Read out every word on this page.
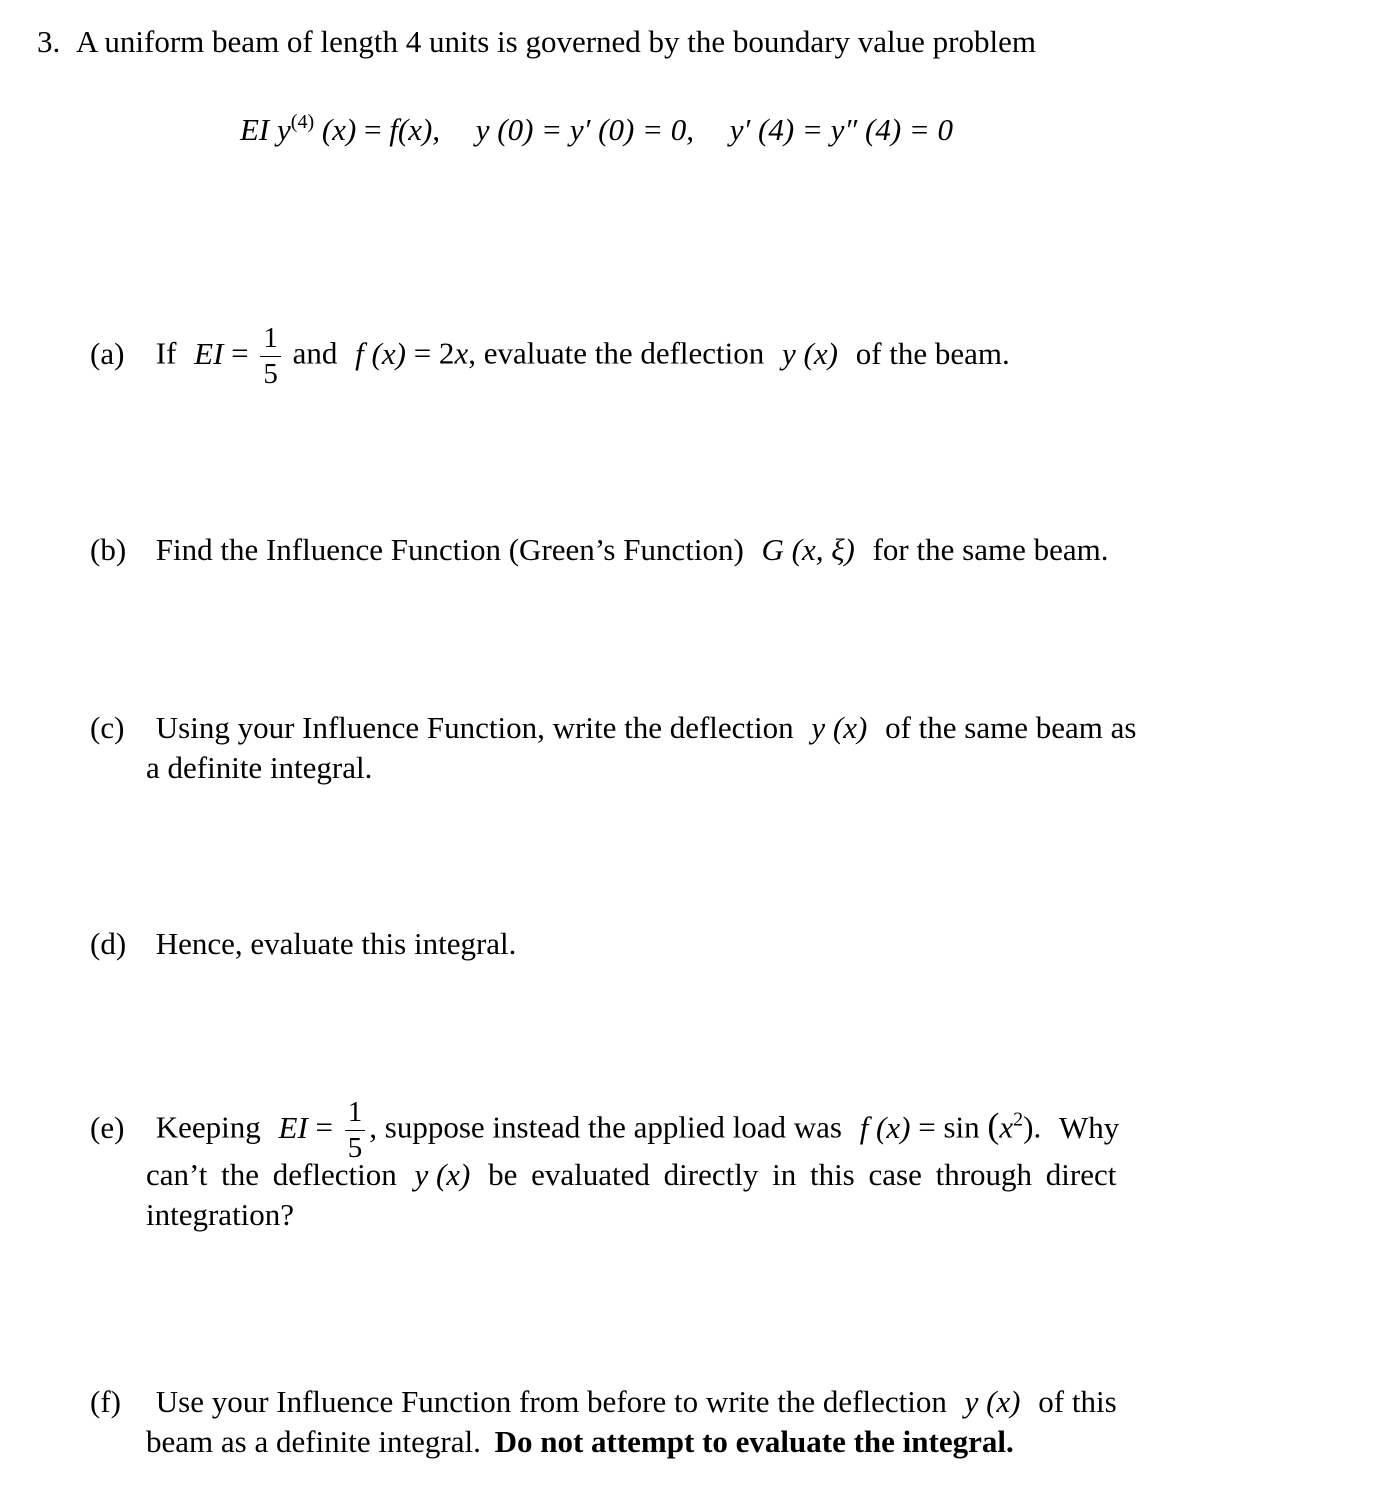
3. A uniform beam of length 4 units is governed by the boundary value problem
EI $y^{(4)}$ (x) = f(x), y (0) = y′ (0) = 0, y′ (4) = y″ (4) = 0
(a) If EI = $\frac{1}{5}$ and f (x) = 2x, evaluate the deflection y (x) of the beam.
(b) Find the Influence Function (Green’s Function) G (x, ξ) for the same beam.
(c) Using your Influence Function, write the deflection y (x) of the same beam as
a definite integral.
(d) Hence, evaluate this integral.
(e) Keeping EI = $\frac{1}{5}$ , suppose instead the applied load was f $(x) = \sin (x^2)$. Why
can’t the deflection y (x) be evaluated directly in this case through direct
integration?
(f) Use your Influence Function from before to write the deflection y (x) of this
beam as a definite integral. Do not attempt to evaluate the integral.
